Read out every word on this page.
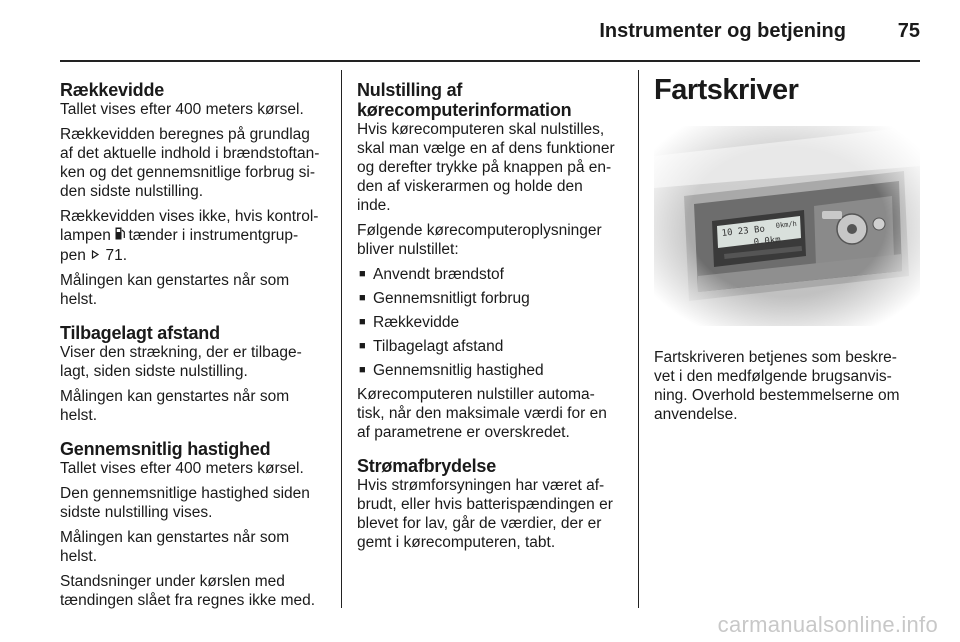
Instrumenter og betjening	75
Rækkevidde

Tallet vises efter 400 meters kørsel.

Rækkevidden beregnes på grundlag
af det aktuelle indhold i brændstoftan-
ken og det gennemsnitlige forbrug si-
den sidste nulstilling.

Rækkevidden vises ikke, hvis kontrol-
lampen tænder i instrumentgrup-
pen 71.

Målingen kan genstartes når som
helst.

Tilbagelagt afstand

Viser den strækning, der er tilbage-
lagt, siden sidste nulstilling.

Målingen kan genstartes når som
helst.

Gennemsnitlig hastighed

Tallet vises efter 400 meters kørsel.

Den gennemsnitlige hastighed siden
sidste nulstilling vises.

Målingen kan genstartes når som
helst.

Standsninger under kørslen med
tændingen slået fra regnes ikke med.

Nulstilling af
kørecomputerinformation

Hvis kørecomputeren skal nulstilles,
skal man vælge en af dens funktioner
og derefter trykke på knappen på en-
den af viskerarmen og holde den
inde.

Følgende kørecomputeroplysninger
bliver nulstillet:

■ Anvendt brændstof
■ Gennemsnitligt forbrug
■ Rækkevidde
■ Tilbagelagt afstand
■ Gennemsnitlig hastighed

Kørecomputeren nulstiller automa-
tisk, når den maksimale værdi for en
af parametrene er overskredet.

Strømafbrydelse

Hvis strømforsyningen har været af-
brudt, eller hvis batterispændingen er
blevet for lav, går de værdier, der er
gemt i kørecomputeren, tabt.

Fartskriver

Fartskriveren betjenes som beskre-
vet i den medfølgende brugsanvis-
ning. Overhold bestemmelserne om
anvendelse.

carmanualsonline.info
